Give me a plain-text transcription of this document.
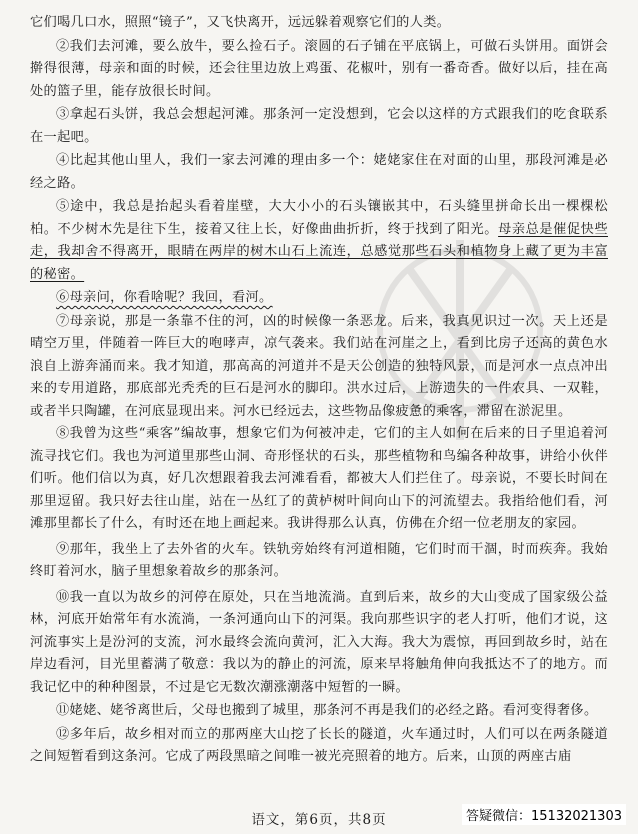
它们喝几口水，照照“镜子”，又飞快离开，远远躲着观察它们的人类。

②我们去河滩，要么放牛，要么捡石子。滚圆的石子铺在平底锅上，可做石头饼用。面饼会擀得很薄，母亲和面的时候，还会往里边放上鸡蛋、花椒叶，别有一番奇香。做好以后，挂在高处的篮子里，能存放很长时间。

③拿起石头饼，我总会想起河滩。那条河一定没想到，它会以这样的方式跟我们的吃食联系在一起吧。

④比起其他山里人，我们一家去河滩的理由多一个：姥姥家住在对面的山里，那段河滩是必经之路。

⑤途中，我总是抬起头看着崖壁，大大小小的石头镶嵌其中，石头缝里拼命长出一棵棵松柏。不少树木先是往下生，接着又往上长，好像曲曲折折，终于找到了阳光。母亲总是催促快些走，我却舍不得离开，眼睛在两岸的树木山石上流连，总感觉那些石头和植物身上藏了更为丰富的秘密。

⑥母亲问，你看啥呢？我回，看河。

⑦母亲说，那是一条靠不住的河，凶的时候像一条恶龙。后来，我真见识过一次。天上还是晴空万里，伴随着一阵巨大的咆哮声，凉气袭来。我们站在河崖之上，看到比房子还高的黄色水浪自上游奔涌而来。我才知道，那高高的河道并不是天公创造的独特风景，而是河水一点点冲出来的专用道路，那底部光秃秃的巨石是河水的脚印。洪水过后，上游遗失的一件农具、一双鞋，或者半只陶罐，在河底显现出来。河水已经远去，这些物品像疲惫的乘客，滞留在淤泥里。

⑧我曾为这些“乘客”编故事，想象它们为何被冲走，它们的主人如何在后来的日子里追着河流寻找它们。我也为河道里那些山洞、奇形怪状的石头，那些植物和鸟编各种故事，讲给小伙伴们听。他们信以为真，好几次想跟着我去河滩看看，都被大人们拦住了。母亲说，不要长时间在那里逗留。我只好去往山崖，站在一丛红了的黄栌树叶间向山下的河流望去。我指给他们看，河滩那里都长了什么，有时还在地上画起来。我讲得那么认真，仿佛在介绍一位老朋友的家园。

⑨那年，我坐上了去外省的火车。铁轨旁始终有河道相随，它们时而干涸，时而疾奔。我始终盯着河水，脑子里想象着故乡的那条河。

⑩我一直以为故乡的河停在原处，只在当地流淌。直到后来，故乡的大山变成了国家级公益林，河底开始常年有水流淌，一条河通向山下的河渠。我向那些识字的老人打听，他们才说，这河流事实上是汾河的支流，河水最终会流向黄河，汇入大海。我大为震惊，再回到故乡时，站在岸边看河，目光里蓄满了敬意：我以为的静止的河流，原来早将触角伸向我抵达不了的地方。而我记忆中的种种图景，不过是它无数次潮涨潮落中短暂的一瞬。

⑪姥姥、姥爷离世后，父母也搬到了城里，那条河不再是我们的必经之路。看河变得奢侈。

⑫多年后，故乡相对而立的那两座大山挖了长长的隧道，火车通过时，人们可以在两条隧道之间短暂看到这条河。它成了两段黑暗之间唯一被光亮照着的地方。后来，山顶的两座古庙

语文，第6页，共8页	答疑微信：15132021303
